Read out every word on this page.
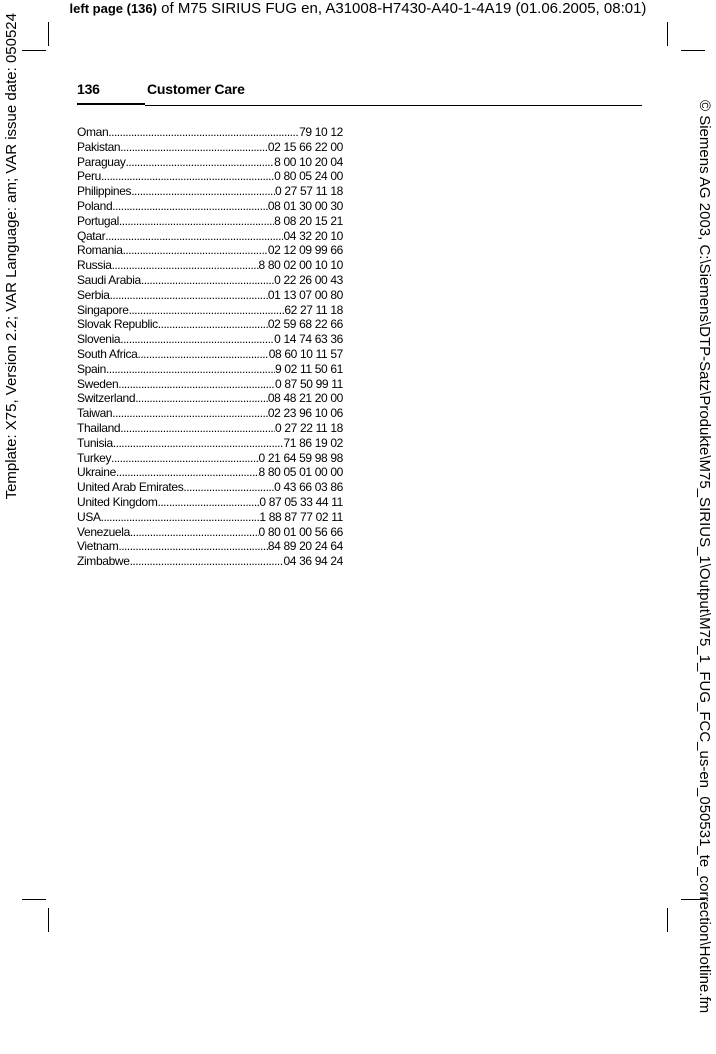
left page (136) of M75 SIRIUS FUG en, A31008-H7430-A40-1-4A19 (01.06.2005, 08:01)
Template: X75, Version 2.2; VAR Language: am; VAR issue date: 050524	© Siemens AG 2003, C:\Siemens\DTP-Satz\Produkte\M75_SIRIUS_1\Output\M75_1_FUG_FCC_us-en_050531_te_correction\Hotline.fm
136	Customer Care
Oman .....	79 10 12
Pakistan .....	02 15 66 22 00
Paraguay .....	8 00 10 20 04
Peru .....	0 80 05 24 00
Philippines .....	0 27 57 11 18
Poland .....	08 01 30 00 30
Portugal .....	8 08 20 15 21
Qatar .....	04 32 20 10
Romania .....	02 12 09 99 66
Russia .....	8 80 02 00 10 10
Saudi Arabia .....	0 22 26 00 43
Serbia .....	01 13 07 00 80
Singapore .....	62 27 11 18
Slovak Republic .....	02 59 68 22 66
Slovenia .....	0 14 74 63 36
South Africa .....	08 60 10 11 57
Spain .....	9 02 11 50 61
Sweden .....	0 87 50 99 11
Switzerland .....	08 48 21 20 00
Taiwan .....	02 23 96 10 06
Thailand .....	0 27 22 11 18
Tunisia .....	71 86 19 02
Turkey .....	0 21 64 59 98 98
Ukraine .....	8 80 05 01 00 00
United Arab Emirates .....	0 43 66 03 86
United Kingdom .....	0 87 05 33 44 11
USA .....	1 88 87 77 02 11
Venezuela .....	0 80 01 00 56 66
Vietnam .....	84 89 20 24 64
Zimbabwe .....	04 36 94 24
